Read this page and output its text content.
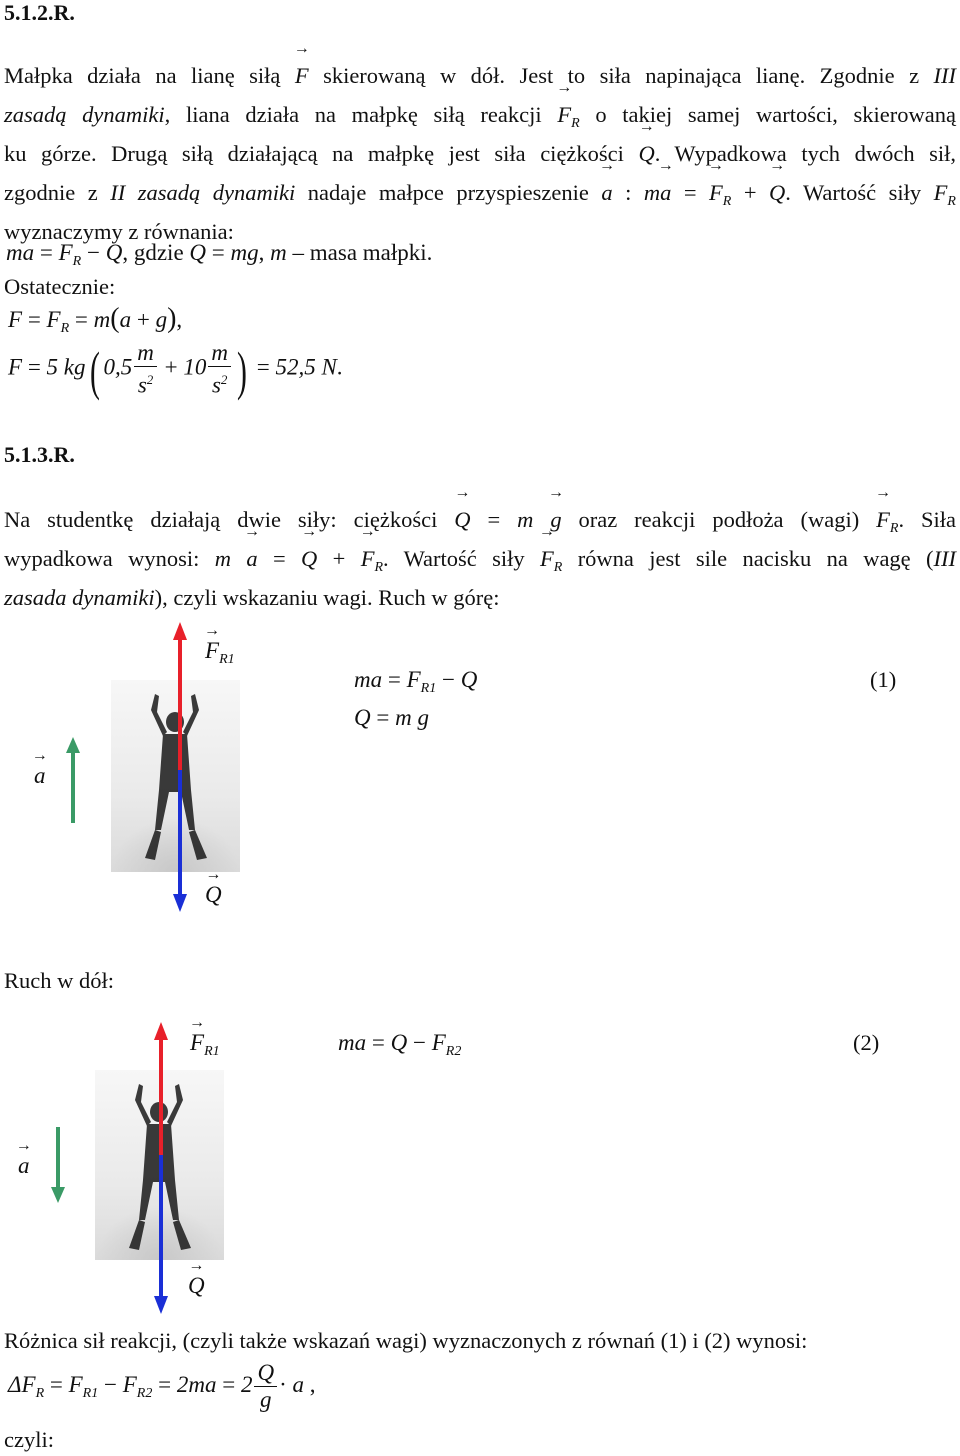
5.1.2.R.
Małpka działa na lianę siłą → F skierowaną w dół. Jest to siła napinająca lianę. Zgodnie z III
zasadą dynamiki, liana działa na małpkę siłą reakcji → $F_R$ o takiej samej wartości, skierowaną
ku górze. Drugą siłą działającą na małpkę jest siła ciężkości → Q. Wypadkowa tych dwóch sił,
zgodnie z II zasadą dynamiki nadaje małpce przyspieszenie → a : m→ a = → $F_R$ + → Q. Wartość siły $F_R$
wyznaczymy z równania:
ma = $F_R - Q$, gdzie Q = mg, m – masa małpki.
Ostatecznie:
$F = F_R = m(a + g)$,
F = 5 kg( $0,5 \frac{m}{s^2} + 10 \frac{m}{s^2}$ ) = 52,5 N.
5.1.3.R.
Na studentkę działają dwie siły: ciężkości → Q = m → g oraz reakcji podłoża (wagi) → $F_R$. Siła
wypadkowa wynosi: m → a = → Q + → $F_R$. Wartość siły → $F_R$ równa jest sile nacisku na wagę (III
zasada dynamiki), czyli wskazaniu wagi. Ruch w górę:
→ a
→ $F_{R1}$
→ Q
ma = $F_{R1} - Q$
Q = m g
(1)
Ruch w dół:
→ a
→ $F_{R1}$
→ Q
ma = $Q - F_{R2}$	(2)
Różnica sił reakcji, (czyli także wskazań wagi) wyznaczonych z równań (1) i (2) wynosi:
$\Delta F_R = F_{R1} - F_{R2} = 2ma = 2 \frac{Q}{g} \cdot a$ ,
czyli:
